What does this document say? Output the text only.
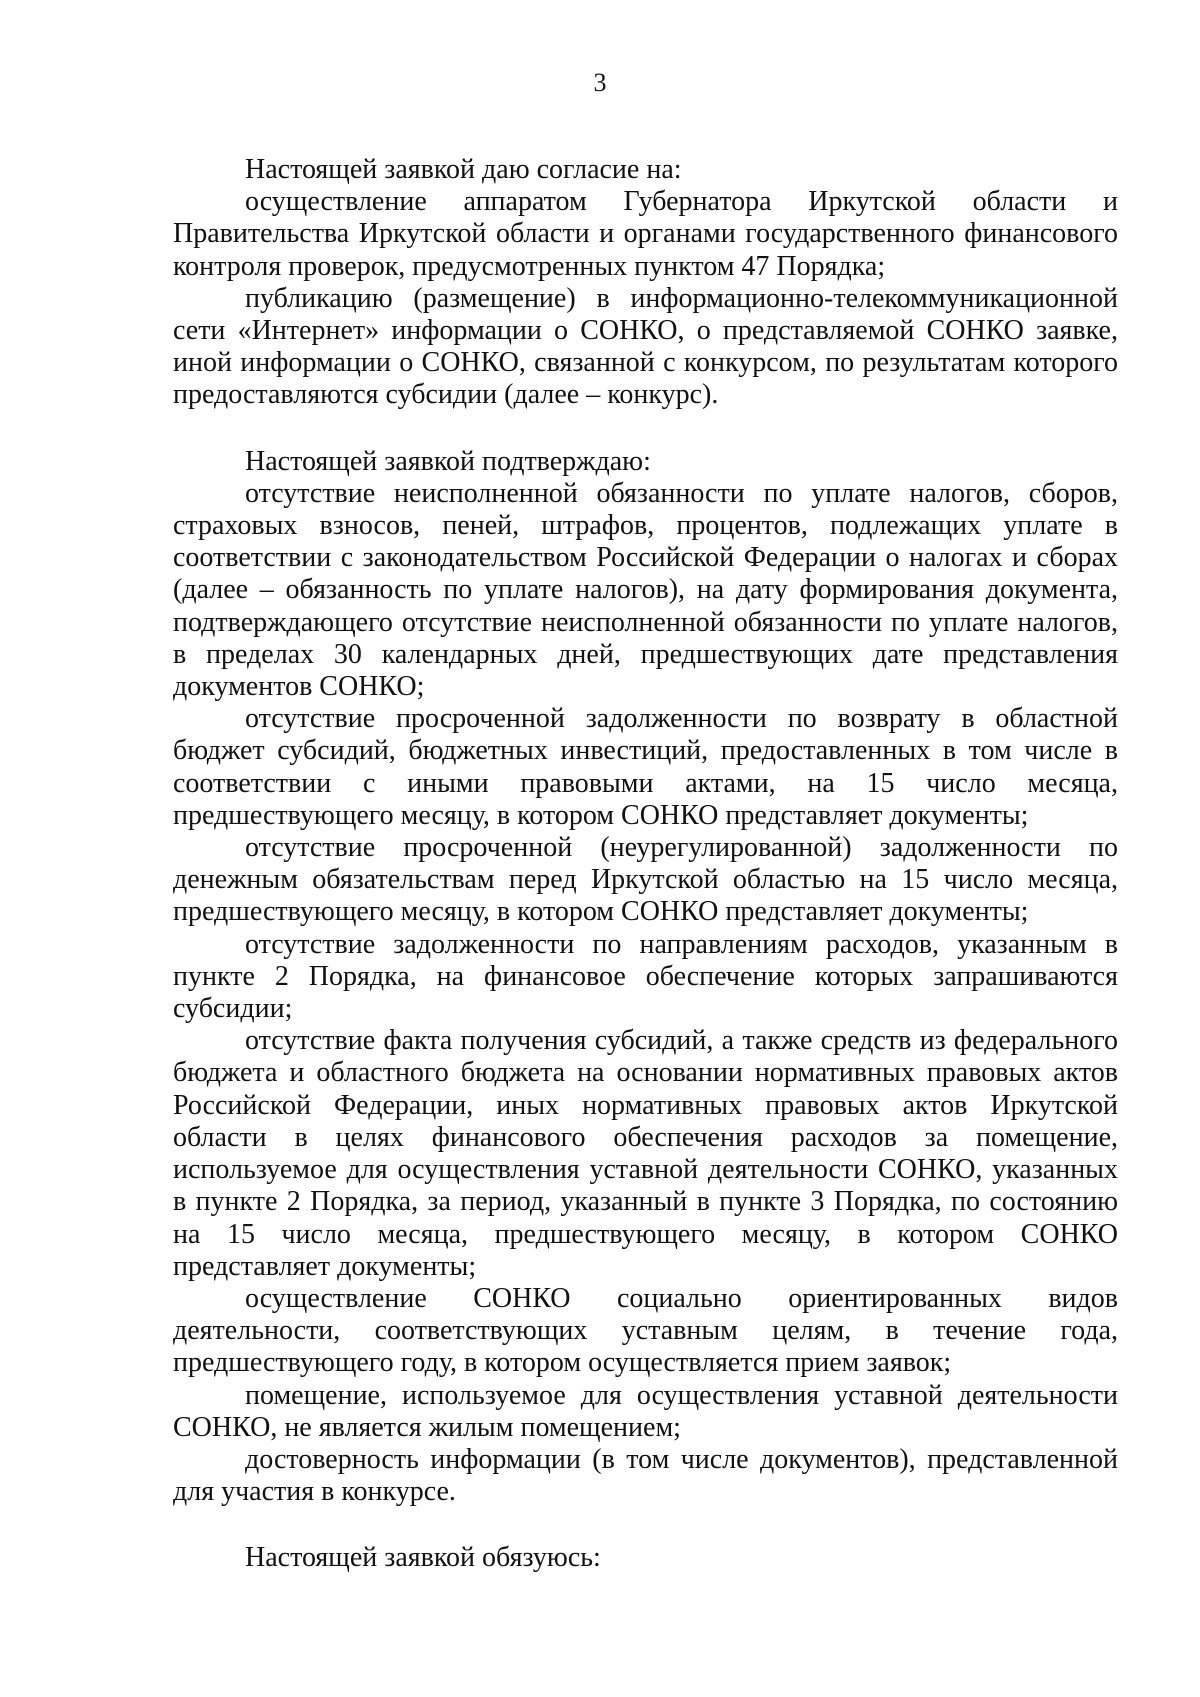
3

Настоящей заявкой даю согласие на:

осуществление аппаратом Губернатора Иркутской области и Правительства Иркутской области и органами государственного финансового контроля проверок, предусмотренных пунктом 47 Порядка;

публикацию (размещение) в информационно-телекоммуникационной сети «Интернет» информации о СОНКО, о представляемой СОНКО заявке, иной информации о СОНКО, связанной с конкурсом, по результатам которого предоставляются субсидии (далее – конкурс).

Настоящей заявкой подтверждаю:

отсутствие неисполненной обязанности по уплате налогов, сборов, страховых взносов, пеней, штрафов, процентов, подлежащих уплате в соответствии с законодательством Российской Федерации о налогах и сборах (далее – обязанность по уплате налогов), на дату формирования документа, подтверждающего отсутствие неисполненной обязанности по уплате налогов, в пределах 30 календарных дней, предшествующих дате представления документов СОНКО;

отсутствие просроченной задолженности по возврату в областной бюджет субсидий, бюджетных инвестиций, предоставленных в том числе в соответствии с иными правовыми актами, на 15 число месяца, предшествующего месяцу, в котором СОНКО представляет документы;

отсутствие просроченной (неурегулированной) задолженности по денежным обязательствам перед Иркутской областью на 15 число месяца, предшествующего месяцу, в котором СОНКО представляет документы;

отсутствие задолженности по направлениям расходов, указанным в пункте 2 Порядка, на финансовое обеспечение которых запрашиваются субсидии;

отсутствие факта получения субсидий, а также средств из федерального бюджета и областного бюджета на основании нормативных правовых актов Российской Федерации, иных нормативных правовых актов Иркутской области в целях финансового обеспечения расходов за помещение, используемое для осуществления уставной деятельности СОНКО, указанных в пункте 2 Порядка, за период, указанный в пункте 3 Порядка, по состоянию на 15 число месяца, предшествующего месяцу, в котором СОНКО представляет документы;

осуществление СОНКО социально ориентированных видов деятельности, соответствующих уставным целям, в течение года, предшествующего году, в котором осуществляется прием заявок;

помещение, используемое для осуществления уставной деятельности СОНКО, не является жилым помещением;

достоверность информации (в том числе документов), представленной для участия в конкурсе.

Настоящей заявкой обязуюсь:
